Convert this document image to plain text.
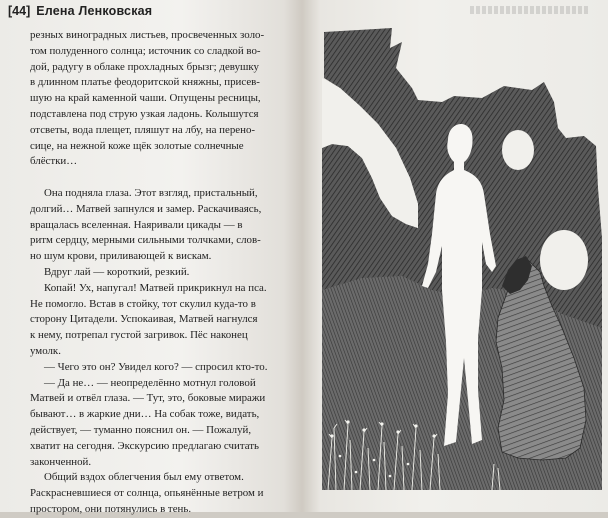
[44] Елена Ленковская
резных виноградных листьев, просвеченных золо-
том полуденного солнца; источник со сладкой во-
дой, радугу в облаке прохладных брызг; девушку
в длинном платье феодоритской княжны, присев-
шую на край каменной чаши. Опущены ресницы,
подставлена под струю узкая ладонь. Колышутся
отсветы, вода плещет, пляшут на лбу, на перено-
сице, на нежной коже щёк золотые солнечные
блёстки…
Она подняла глаза. Этот взгляд, пристальный,
долгий… Матвей запнулся и замер. Раскачиваясь,
вращалась вселенная. Наяривали цикады — в
ритм сердцу, мерными сильными толчками, слов-
но шум крови, приливающей к вискам.
Вдруг лай — короткий, резкий.
Копай! Ух, напугал! Матвей прикрикнул на пса.
Не помогло. Встав в стойку, тот скулил куда-то в
сторону Цитадели. Успокаивая, Матвей нагнулся
к нему, потрепал густой загривок. Пёс наконец
умолк.
— Чего это он? Увидел кого? — спросил кто-то.
— Да не… — неопределённо мотнул головой
Матвей и отвёл глаза. — Тут, это, боковые миражи
бывают… в жаркие дни… На собак тоже, видать,
действует, — туманно пояснил он. — Пожалуй,
хватит на сегодня. Экскурсию предлагаю считать
законченной.
Общий вздох облегчения был ему ответом.
Раскрасневшиеся от солнца, опьянённые ветром и
простором, они потянулись в тень.
